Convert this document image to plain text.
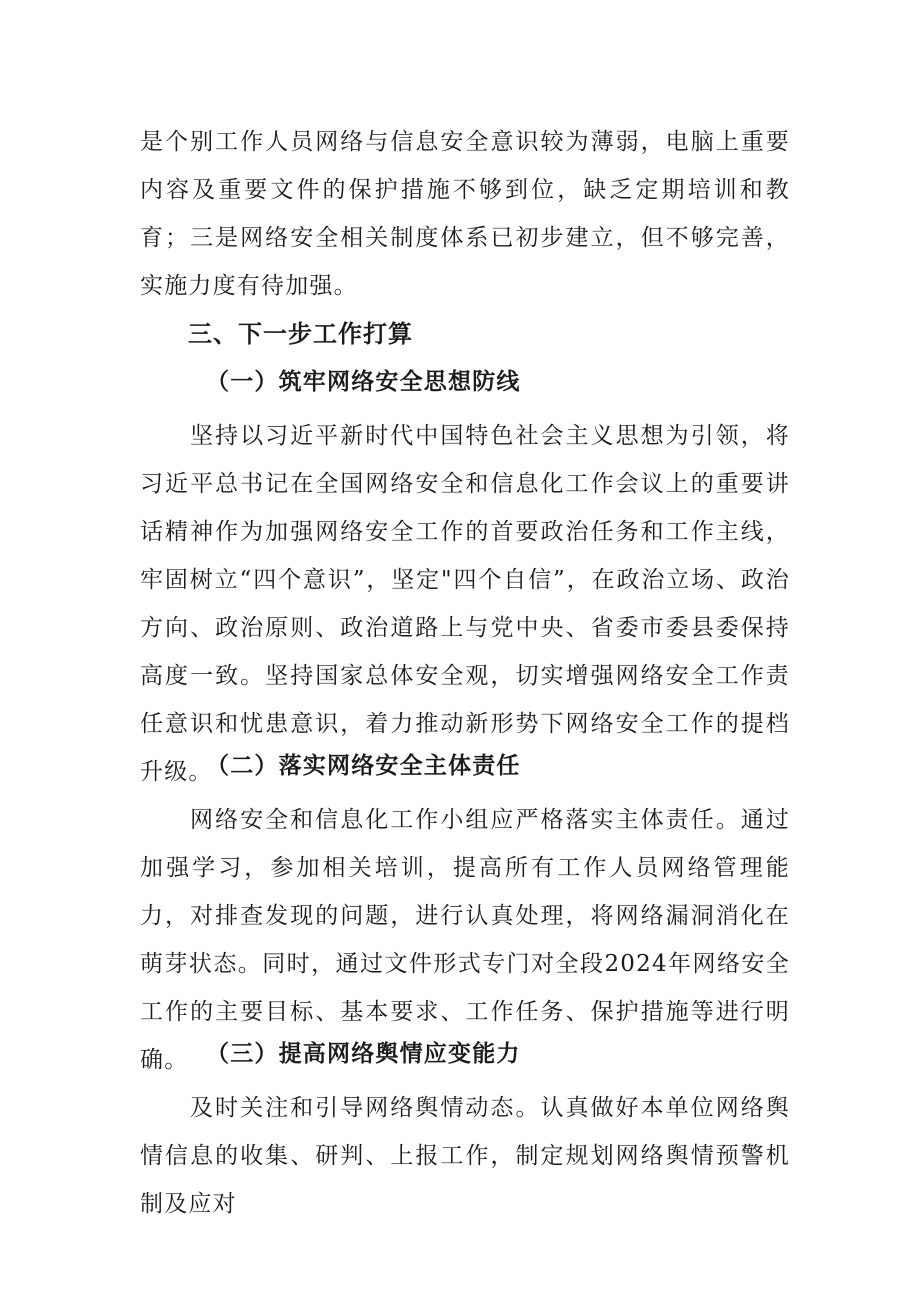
是个别工作人员网络与信息安全意识较为薄弱，电脑上重要内容及重要文件的保护措施不够到位，缺乏定期培训和教育；三是网络安全相关制度体系已初步建立，但不够完善，实施力度有待加强。

三、下一步工作打算
（一）筑牢网络安全思想防线

坚持以习近平新时代中国特色社会主义思想为引领，将习近平总书记在全国网络安全和信息化工作会议上的重要讲话精神作为加强网络安全工作的首要政治任务和工作主线，牢固树立“四个意识”，坚定"四个自信”，在政治立场、政治方向、政治原则、政治道路上与党中央、省委市委县委保持高度一致。坚持国家总体安全观，切实增强网络安全工作责任意识和忧患意识，着力推动新形势下网络安全工作的提档升级。

（二）落实网络安全主体责任

网络安全和信息化工作小组应严格落实主体责任。通过加强学习，参加相关培训，提高所有工作人员网络管理能力，对排查发现的问题，进行认真处理，将网络漏洞消化在萌芽状态。同时，通过文件形式专门对全段2024年网络安全工作的主要目标、基本要求、工作任务、保护措施等进行明确。 （三）提高网络舆情应变能力

及时关注和引导网络舆情动态。认真做好本单位网络舆情信息的收集、研判、上报工作，制定规划网络舆情预警机制及应对
